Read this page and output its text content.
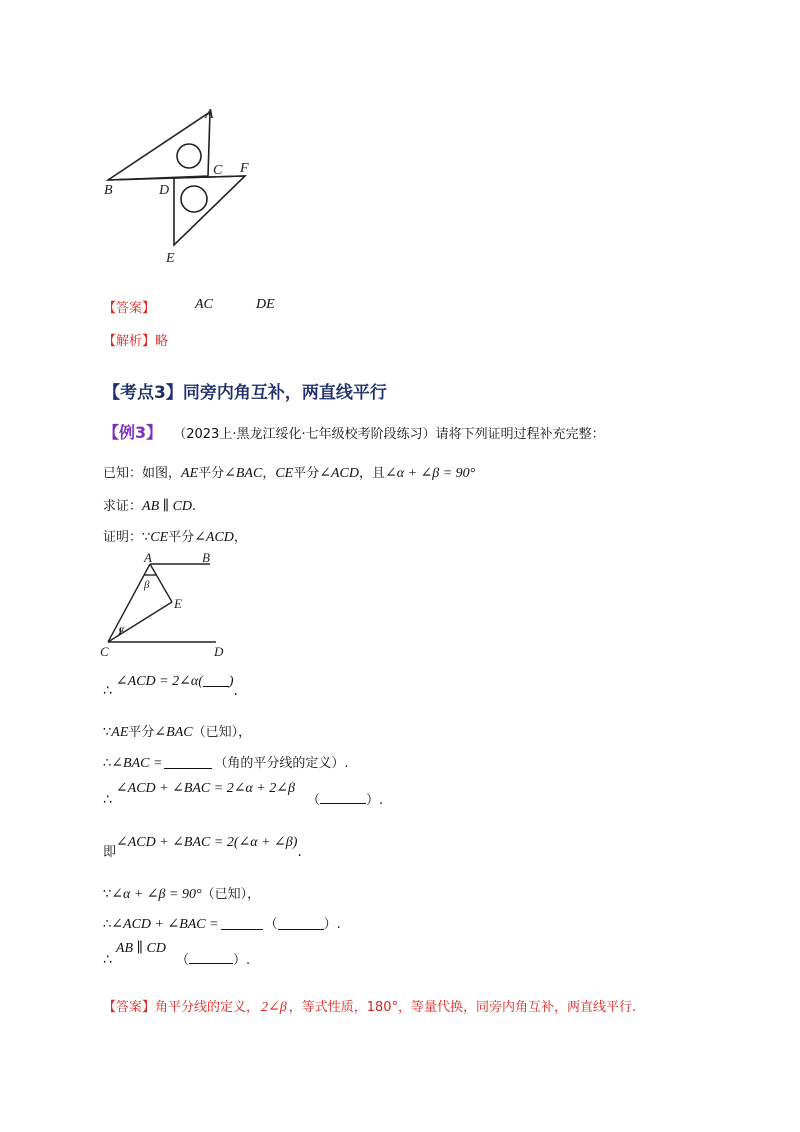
A
B
C
D
E
F
【答案】	AC	DE
【解析】略
【考点3】同旁内角互补，两直线平行
【例3】 （2023上·黑龙江绥化·七年级校考阶段练习）请将下列证明过程补充完整：
已知：如图，AE平分∠BAC，CE平分∠ACD，且∠α + ∠β = 90°
求证：AB ∥ CD.
证明：∵CE平分∠ACD，
A	B
C	D
E
α
β
∴∠ACD = 2∠α( ).
∵AE平分∠BAC（已知），
∴∠BAC =	（角的平分线的定义）.
∴∠ACD + ∠BAC = 2∠α + 2∠β（	）.
即∠ACD + ∠BAC = 2(∠α + ∠β).
∵∠α + ∠β = 90°（已知），
∴∠ACD + ∠BAC =	（	）.
∴AB ∥ CD（	）.
【答案】角平分线的定义， 2∠β ，等式性质，180°，等量代换，同旁内角互补，两直线平行.
